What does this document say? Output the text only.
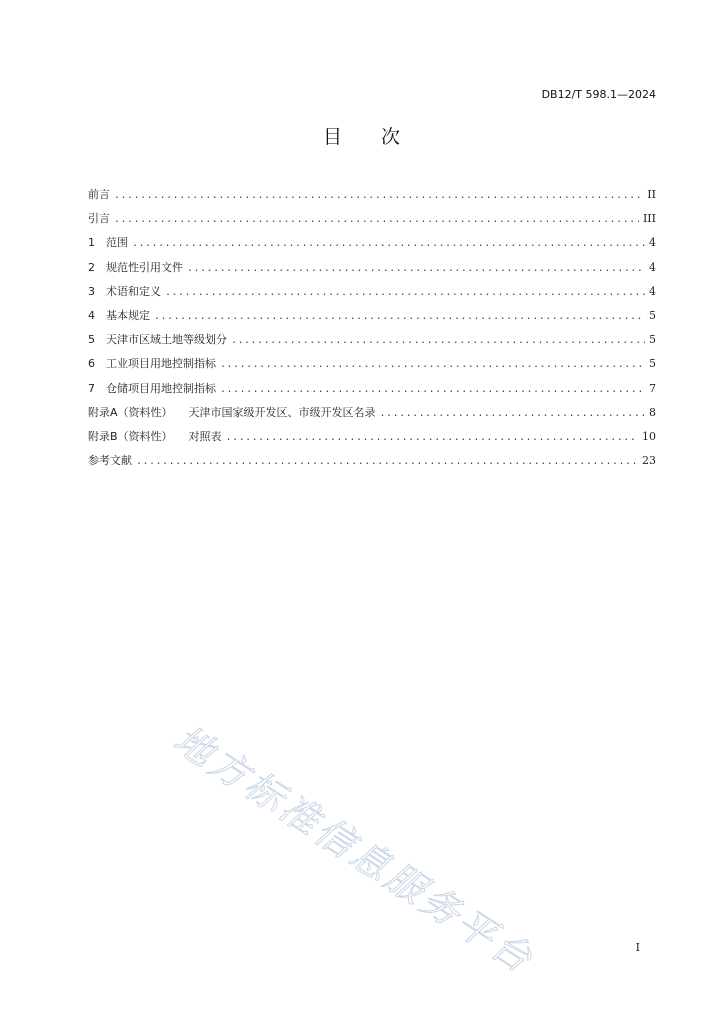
DB12/T 598.1—2024
目 次
前言 .....	II
引言 .....	III
1	范围 .....	4
2	规范性引用文件 .....	4
3	术语和定义 .....	4
4	基本规定 .....	5
5	天津市区域土地等级划分 .....	5
6	工业项目用地控制指标 .....	5
7	仓储项目用地控制指标 .....	7
附录A（资料性） 天津市国家级开发区、市级开发区名录 .....	8
附录B（资料性） 对照表 .....	10
参考文献 .....	23
地方标准信息服务平台	I
